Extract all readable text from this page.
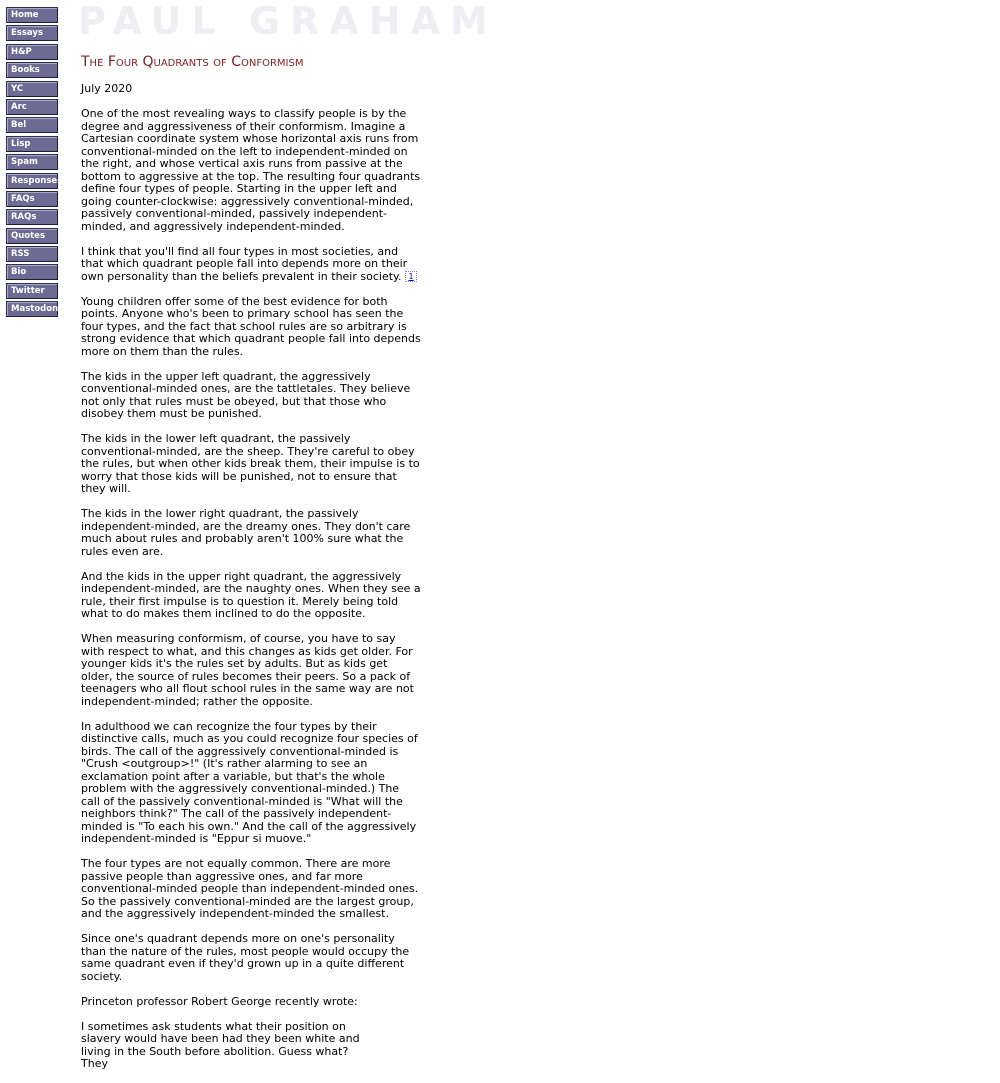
Home
Essays
H&P
Books
YC
Arc
Bel
Lisp
Spam
Responses
FAQs
RAQs
Quotes
RSS
Bio
Twitter
Mastodon
PAUL GRAHAM
The Four Quadrants of Conformism

July 2020

One of the most revealing ways to classify people is by the degree and aggressiveness of their conformism. Imagine a Cartesian coordinate system whose horizontal axis runs from conventional-minded on the left to independent-minded on the right, and whose vertical axis runs from passive at the bottom to aggressive at the top. The resulting four quadrants define four types of people. Starting in the upper left and going counter-clockwise: aggressively conventional-minded, passively conventional-minded, passively independent-minded, and aggressively independent-minded.

I think that you'll find all four types in most societies, and that which quadrant people fall into depends more on their own personality than the beliefs prevalent in their society. 1

Young children offer some of the best evidence for both points. Anyone who's been to primary school has seen the four types, and the fact that school rules are so arbitrary is strong evidence that which quadrant people fall into depends more on them than the rules.

The kids in the upper left quadrant, the aggressively conventional-minded ones, are the tattletales. They believe not only that rules must be obeyed, but that those who disobey them must be punished.

The kids in the lower left quadrant, the passively conventional-minded, are the sheep. They're careful to obey the rules, but when other kids break them, their impulse is to worry that those kids will be punished, not to ensure that they will.

The kids in the lower right quadrant, the passively independent-minded, are the dreamy ones. They don't care much about rules and probably aren't 100% sure what the rules even are.

And the kids in the upper right quadrant, the aggressively independent-minded, are the naughty ones. When they see a rule, their first impulse is to question it. Merely being told what to do makes them inclined to do the opposite.

When measuring conformism, of course, you have to say with respect to what, and this changes as kids get older. For younger kids it's the rules set by adults. But as kids get older, the source of rules becomes their peers. So a pack of teenagers who all flout school rules in the same way are not independent-minded; rather the opposite.

In adulthood we can recognize the four types by their distinctive calls, much as you could recognize four species of birds. The call of the aggressively conventional-minded is "Crush <outgroup>!" (It's rather alarming to see an exclamation point after a variable, but that's the whole problem with the aggressively conventional-minded.) The call of the passively conventional-minded is "What will the neighbors think?" The call of the passively independent-minded is "To each his own." And the call of the aggressively independent-minded is "Eppur si muove."

The four types are not equally common. There are more passive people than aggressive ones, and far more conventional-minded people than independent-minded ones. So the passively conventional-minded are the largest group, and the aggressively independent-minded the smallest.

Since one's quadrant depends more on one's personality than the nature of the rules, most people would occupy the same quadrant even if they'd grown up in a quite different society.

Princeton professor Robert George recently wrote:

I sometimes ask students what their position on slavery would have been had they been white and living in the South before abolition. Guess what? They
